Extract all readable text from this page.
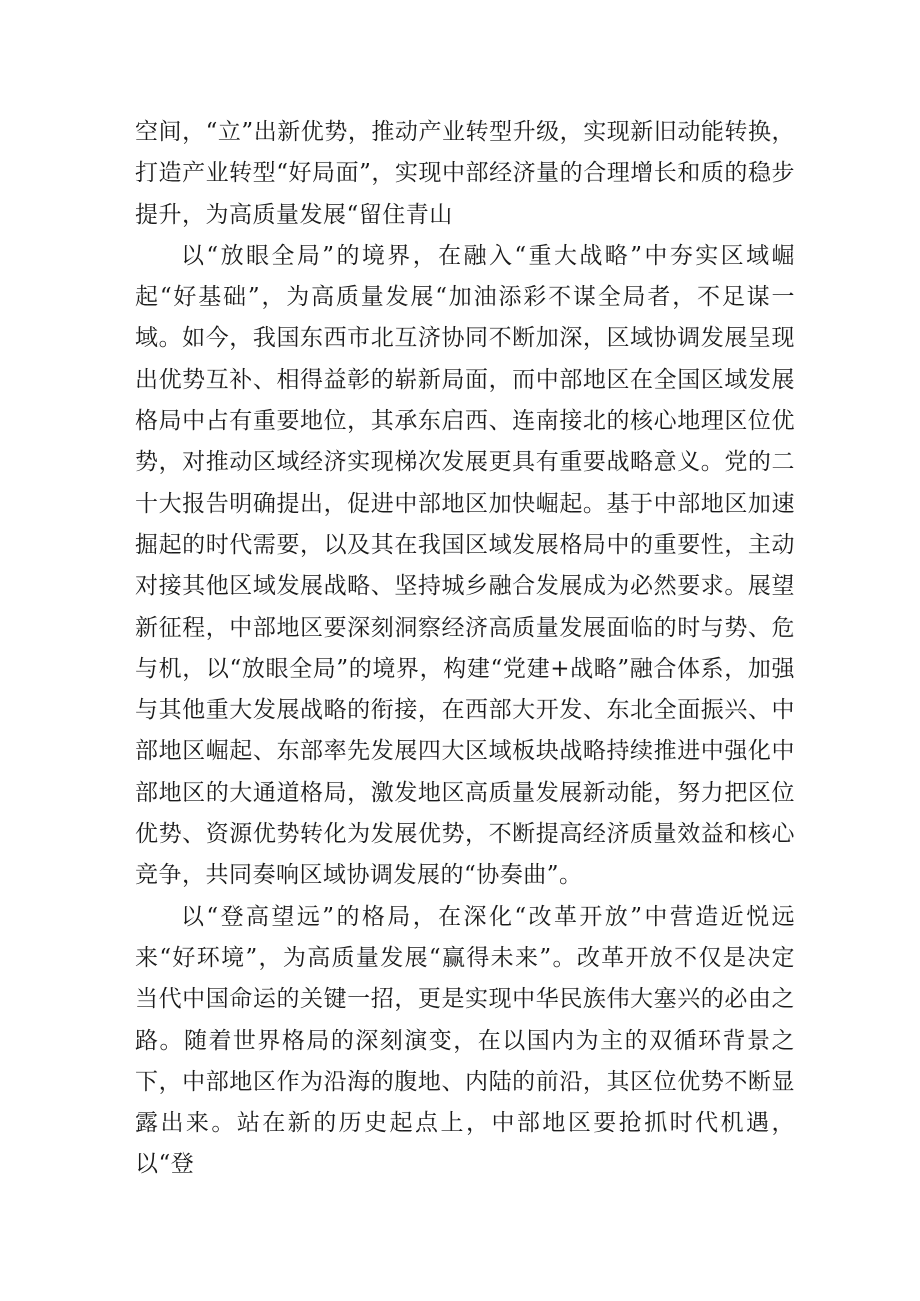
空间，“立”出新优势，推动产业转型升级，实现新旧动能转换，打造产业转型“好局面”，实现中部经济量的合理增长和质的稳步提升，为高质量发展“留住青山

以“放眼全局”的境界，在融入“重大战略”中夯实区域崛起“好基础”，为高质量发展“加油添彩不谋全局者，不足谋一域。如今，我国东西市北互济协同不断加深，区域协调发展呈现出优势互补、相得益彰的崭新局面，而中部地区在全国区域发展格局中占有重要地位，其承东启西、连南接北的核心地理区位优势，对推动区域经济实现梯次发展更具有重要战略意义。党的二十大报告明确提出，促进中部地区加快崛起。基于中部地区加速掘起的时代需要，以及其在我国区域发展格局中的重要性，主动对接其他区域发展战略、坚持城乡融合发展成为必然要求。展望新征程，中部地区要深刻洞察经济高质量发展面临的时与势、危与机，以“放眼全局”的境界，构建“党建+战略”融合体系，加强与其他重大发展战略的衔接，在西部大开发、东北全面振兴、中部地区崛起、东部率先发展四大区域板块战略持续推进中强化中部地区的大通道格局，激发地区高质量发展新动能，努力把区位优势、资源优势转化为发展优势，不断提高经济质量效益和核心竞争，共同奏响区域协调发展的“协奏曲”。

以“登高望远”的格局，在深化“改革开放”中营造近悦远来“好环境”，为高质量发展“赢得未来”。改革开放不仅是决定当代中国命运的关键一招，更是实现中华民族伟大塞兴的必由之路。随着世界格局的深刻演变，在以国内为主的双循环背景之下，中部地区作为沿海的腹地、内陆的前沿，其区位优势不断显露出来。站在新的历史起点上，中部地区要抢抓时代机遇，以“登
